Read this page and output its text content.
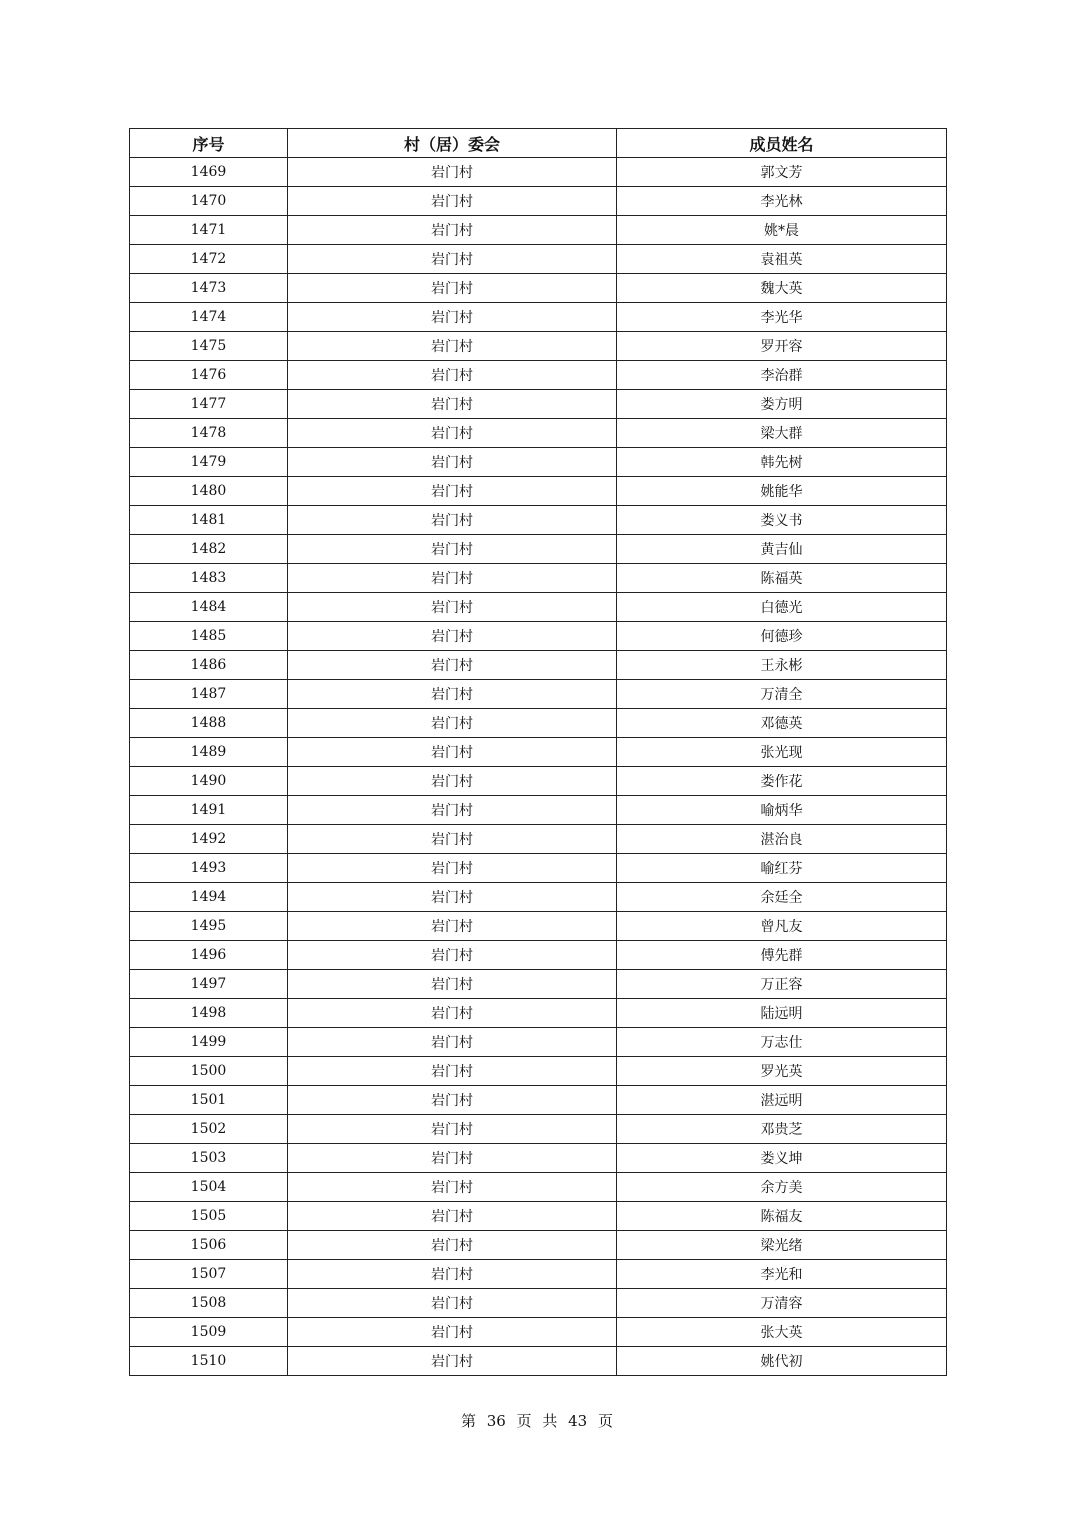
序号	村（居）委会	成员姓名
1469	岩门村	郭文芳
1470	岩门村	李光林
1471	岩门村	姚*晨
1472	岩门村	袁祖英
1473	岩门村	魏大英
1474	岩门村	李光华
1475	岩门村	罗开容
1476	岩门村	李治群
1477	岩门村	娄方明
1478	岩门村	梁大群
1479	岩门村	韩先树
1480	岩门村	姚能华
1481	岩门村	娄义书
1482	岩门村	黄吉仙
1483	岩门村	陈福英
1484	岩门村	白德光
1485	岩门村	何德珍
1486	岩门村	王永彬
1487	岩门村	万清全
1488	岩门村	邓德英
1489	岩门村	张光现
1490	岩门村	娄作花
1491	岩门村	喻炳华
1492	岩门村	湛治良
1493	岩门村	喻红芬
1494	岩门村	余廷全
1495	岩门村	曾凡友
1496	岩门村	傅先群
1497	岩门村	万正容
1498	岩门村	陆远明
1499	岩门村	万志仕
1500	岩门村	罗光英
1501	岩门村	湛远明
1502	岩门村	邓贵芝
1503	岩门村	娄义坤
1504	岩门村	余方美
1505	岩门村	陈福友
1506	岩门村	梁光绪
1507	岩门村	李光和
1508	岩门村	万清容
1509	岩门村	张大英
1510	岩门村	姚代初
第 36 页 共 43 页
